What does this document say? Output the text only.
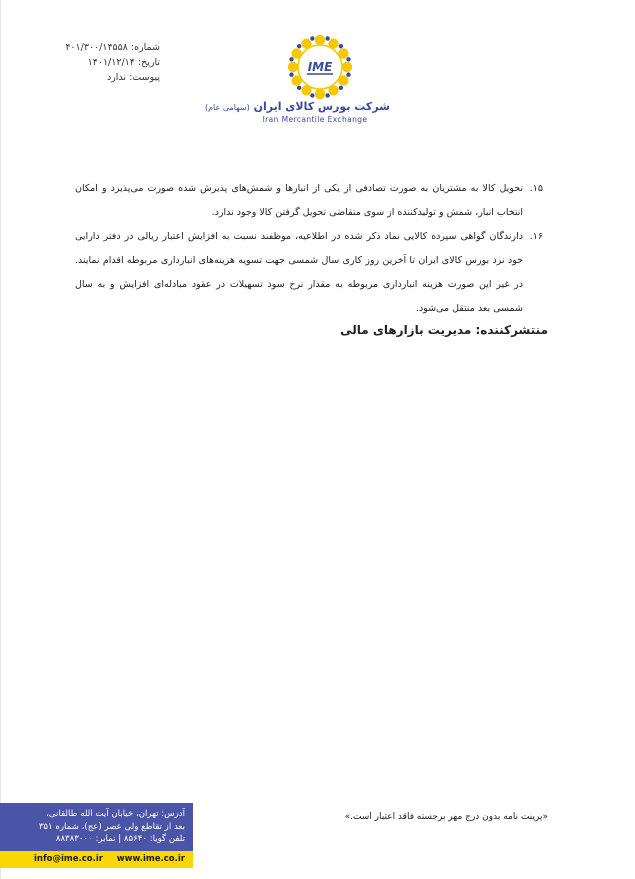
شماره: ۴۰۱/۳۰۰/۱۴۵۵۸
تاریخ: ۱۴۰۱/۱۲/۱۴
پیوست: ندارد
IME
شرکت بورس کالای ایران (سهامی عام)
Iran Mercantile Exchange
۱۵.
تحویل کالا به مشتریان به صورت تصادفی از یکی از انبارها و شمش‌های پذیرش شده صورت می‌پذیرد و امکان انتخاب انبار، شمش و تولیدکننده از سوی متقاضی تحویل گرفتن کالا وجود ندارد.
۱۶.
دارندگان گواهی سپرده کالایی نماد ذکر شده در اطلاعیه، موظفند نسبت به افزایش اعتبار ریالی در دفتر دارایی خود نزد بورس کالای ایران تا آخرین روز کاری سال شمسی جهت تسویه هزینه‌های انبارداری مربوطه اقدام نمایند. در غیر این صورت هزینه انبارداری مربوطه به مقدار نرخ سود تسهیلات در عقود مبادله‌ای افزایش و به سال شمسی بعد منتقل می‌شود.
منتشرکننده: مدیریت بازارهای مالی
«پرینت نامه بدون درج مهر برجسته فاقد اعتبار است.»
آدرس: تهران، خیابان آیت الله طالقانی،
بعد از تقاطع ولی عصر (عج)، شماره ۳۵۱
تلفن گویا: ۸۵۶۴۰ | نمابر: ۸۸۳۸۳۰۰۰
www.ime.co.ir
info@ime.co.ir
